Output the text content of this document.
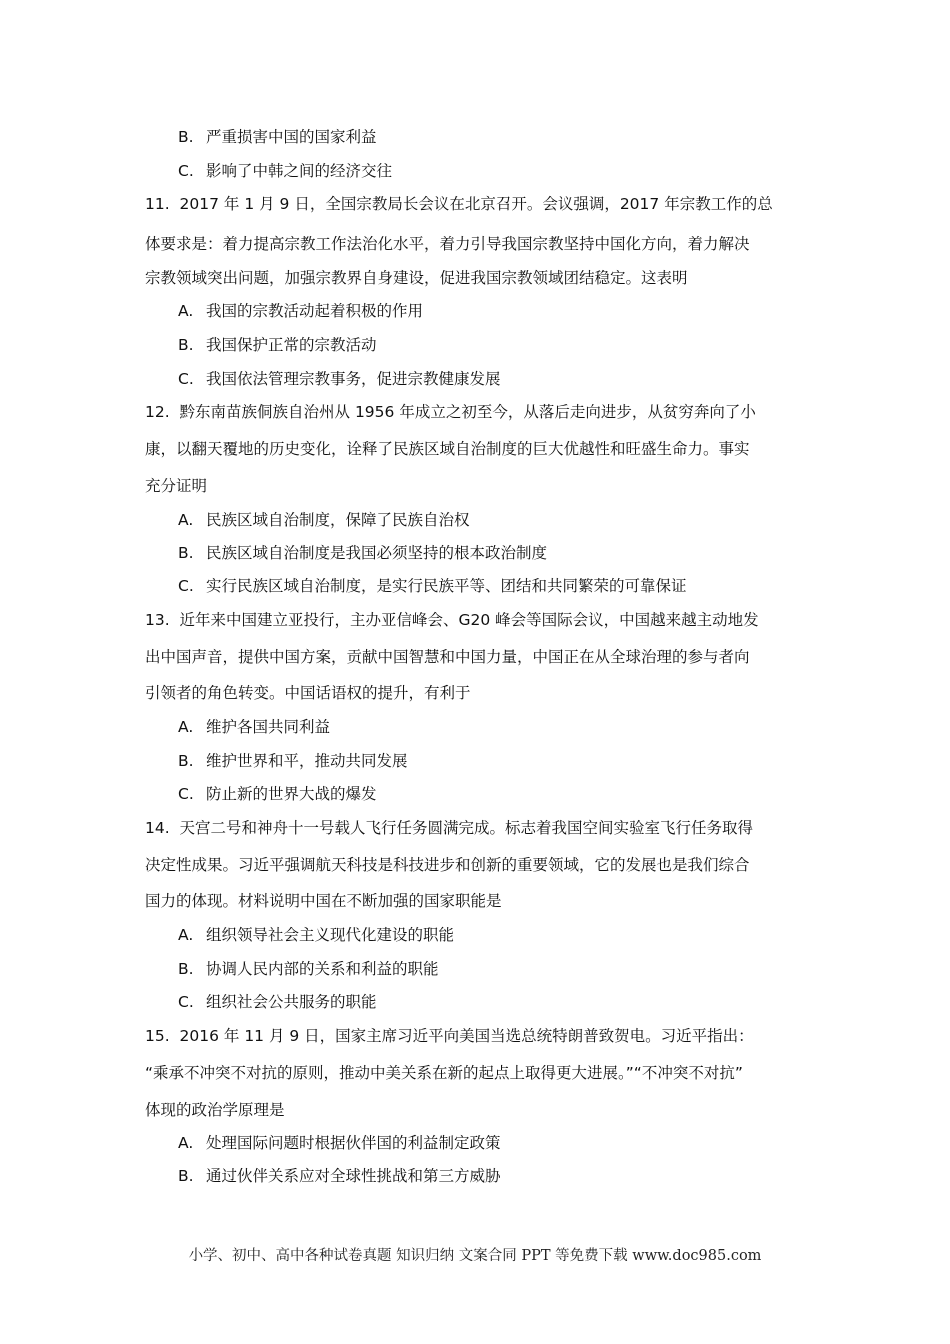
B. 严重损害中国的国家利益
C. 影响了中韩之间的经济交往
11. 2017 年 1 月 9 日，全国宗教局长会议在北京召开。会议强调，2017 年宗教工作的总
体要求是：着力提高宗教工作法治化水平，着力引导我国宗教坚持中国化方向，着力解决
宗教领域突出问题，加强宗教界自身建设，促进我国宗教领域团结稳定。这表明
A. 我国的宗教活动起着积极的作用
B. 我国保护正常的宗教活动
C. 我国依法管理宗教事务，促进宗教健康发展
12. 黔东南苗族侗族自治州从 1956 年成立之初至今，从落后走向进步，从贫穷奔向了小
康，以翻天覆地的历史变化，诠释了民族区域自治制度的巨大优越性和旺盛生命力。事实
充分证明
A. 民族区域自治制度，保障了民族自治权
B. 民族区域自治制度是我国必须坚持的根本政治制度
C. 实行民族区域自治制度，是实行民族平等、团结和共同繁荣的可靠保证
13. 近年来中国建立亚投行，主办亚信峰会、G20 峰会等国际会议，中国越来越主动地发
出中国声音，提供中国方案，贡献中国智慧和中国力量，中国正在从全球治理的参与者向
引领者的角色转变。中国话语权的提升，有利于
A. 维护各国共同利益
B. 维护世界和平，推动共同发展
C. 防止新的世界大战的爆发
14. 天宫二号和神舟十一号载人飞行任务圆满完成。标志着我国空间实验室飞行任务取得
决定性成果。习近平强调航天科技是科技进步和创新的重要领域，它的发展也是我们综合
国力的体现。材料说明中国在不断加强的国家职能是
A. 组织领导社会主义现代化建设的职能
B. 协调人民内部的关系和利益的职能
C. 组织社会公共服务的职能
15. 2016 年 11 月 9 日，国家主席习近平向美国当选总统特朗普致贺电。习近平指出：
“乘承不冲突不对抗的原则，推动中美关系在新的起点上取得更大进展。”“不冲突不对抗”
体现的政治学原理是
A. 处理国际问题时根据伙伴国的利益制定政策
B. 通过伙伴关系应对全球性挑战和第三方威胁
小学、初中、高中各种试卷真题 知识归纳 文案合同 PPT 等免费下载 www.doc985.com
